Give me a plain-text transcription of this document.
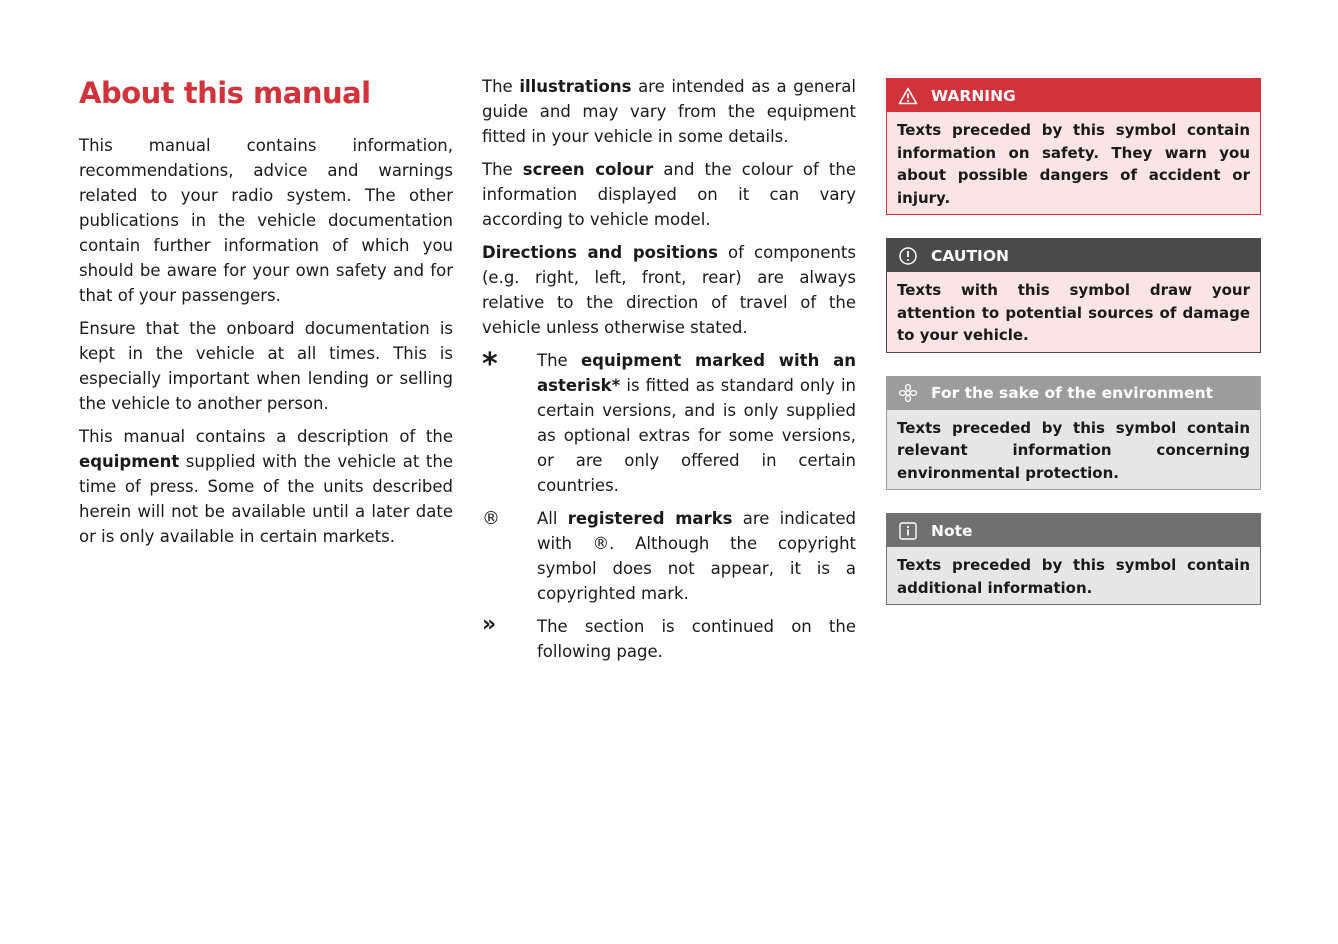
About this manual

This manual contains information, recommendations, advice and warnings related to your radio system. The other publications in the vehicle documentation contain further information of which you should be aware for your own safety and for that of your passengers.

Ensure that the onboard documentation is kept in the vehicle at all times. This is especially important when lending or selling the vehicle to another person.

This manual contains a description of the equipment supplied with the vehicle at the time of press. Some of the units described herein will not be available until a later date or is only available in certain markets.

The illustrations are intended as a general guide and may vary from the equipment fitted in your vehicle in some details.

The screen colour and the colour of the information displayed on it can vary according to vehicle model.

Directions and positions of components (e.g. right, left, front, rear) are always relative to the direction of travel of the vehicle unless otherwise stated.

*	The equipment marked with an asterisk* is fitted as standard only in certain versions, and is only supplied as optional extras for some versions, or are only offered in certain countries.
®	All registered marks are indicated with ®. Although the copyright symbol does not appear, it is a copyrighted mark.
»	The section is continued on the following page.
WARNING
Texts preceded by this symbol contain information on safety. They warn you about possible dangers of accident or injury.
CAUTION
Texts with this symbol draw your attention to potential sources of damage to your vehicle.
For the sake of the environment
Texts preceded by this symbol contain relevant information concerning environmental protection.
Note
Texts preceded by this symbol contain additional information.
